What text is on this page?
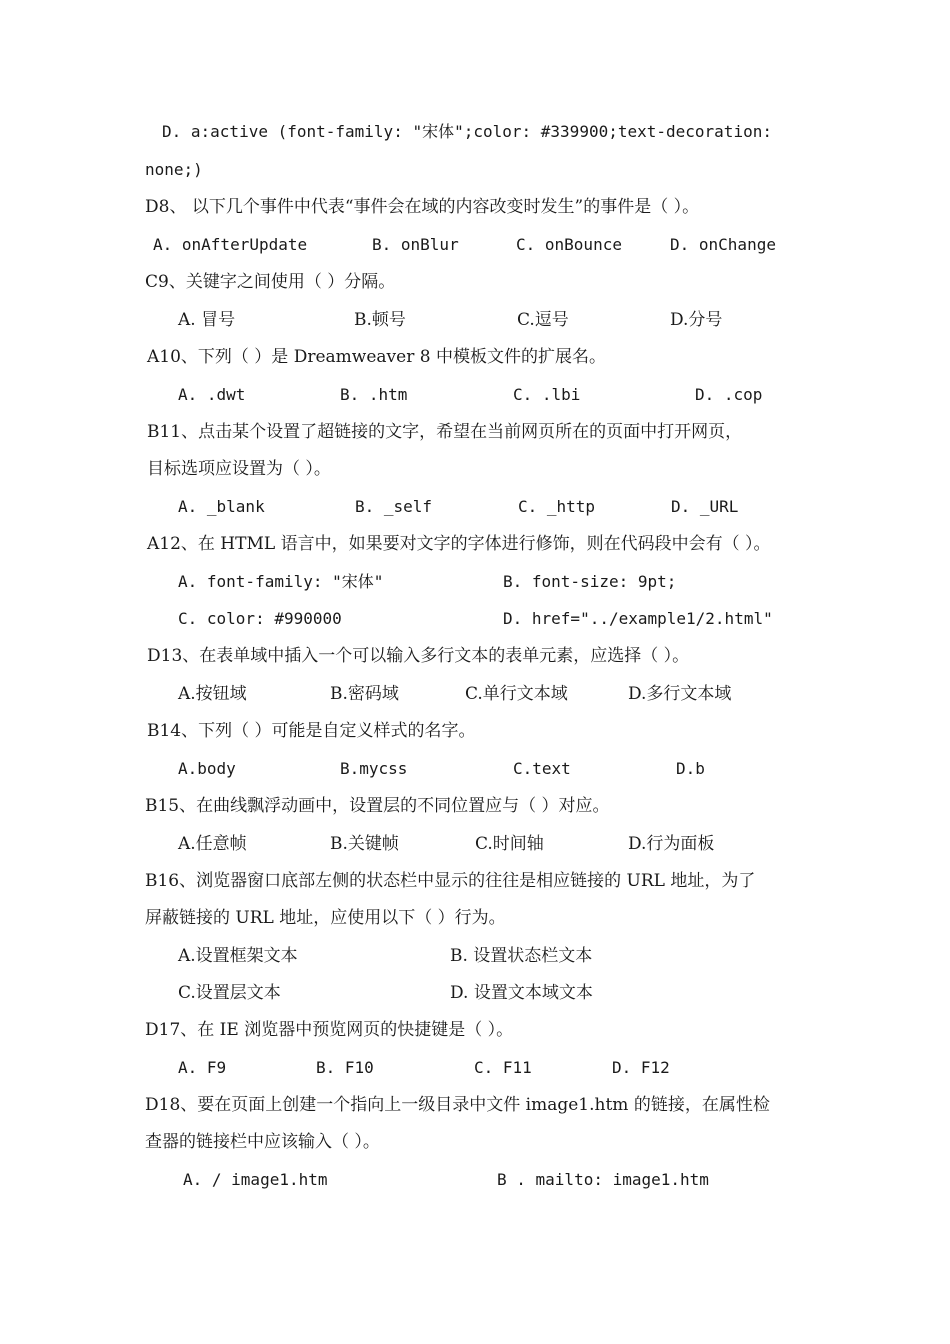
D. a:active (font-family: "宋体";color: #339900;text-decoration:
none;)
D8、 以下几个事件中代表“事件会在域的内容改变时发生”的事件是（ ）。
A. onAfterUpdate	B. onBlur	C. onBounce	D. onChange
C9、关键字之间使用（ ）分隔。
A. 冒号	B.顿号	C.逗号	D.分号
A10、下列（ ）是 Dreamweaver 8 中模板文件的扩展名。
A. .dwt	B. .htm	C. .lbi	D. .cop
B11、点击某个设置了超链接的文字，希望在当前网页所在的页面中打开网页，
目标选项应设置为（ ）。
A. _blank	B. _self	C. _http	D. _URL
A12、在 HTML 语言中，如果要对文字的字体进行修饰，则在代码段中会有（ ）。
A. font-family: "宋体"	B. font-size: 9pt;
C. color: #990000	D. href="../example1/2.html"
D13、在表单域中插入一个可以输入多行文本的表单元素，应选择（ ）。
A.按钮域	B.密码域	C.单行文本域	D.多行文本域
B14、下列（ ）可能是自定义样式的名字。
A.body	B.mycss	C.text	D.b
B15、在曲线飘浮动画中，设置层的不同位置应与（ ）对应。
A.任意帧	B.关键帧	C.时间轴	D.行为面板
B16、浏览器窗口底部左侧的状态栏中显示的往往是相应链接的 URL 地址，为了
屏蔽链接的 URL 地址，应使用以下（ ）行为。
A.设置框架文本	B. 设置状态栏文本
C.设置层文本	D. 设置文本域文本
D17、在 IE 浏览器中预览网页的快捷键是（ ）。
A. F9	B. F10	C. F11	D. F12
D18、要在页面上创建一个指向上一级目录中文件 image1.htm 的链接，在属性检
查器的链接栏中应该输入（ ）。
A. / image1.htm	B . mailto: image1.htm
